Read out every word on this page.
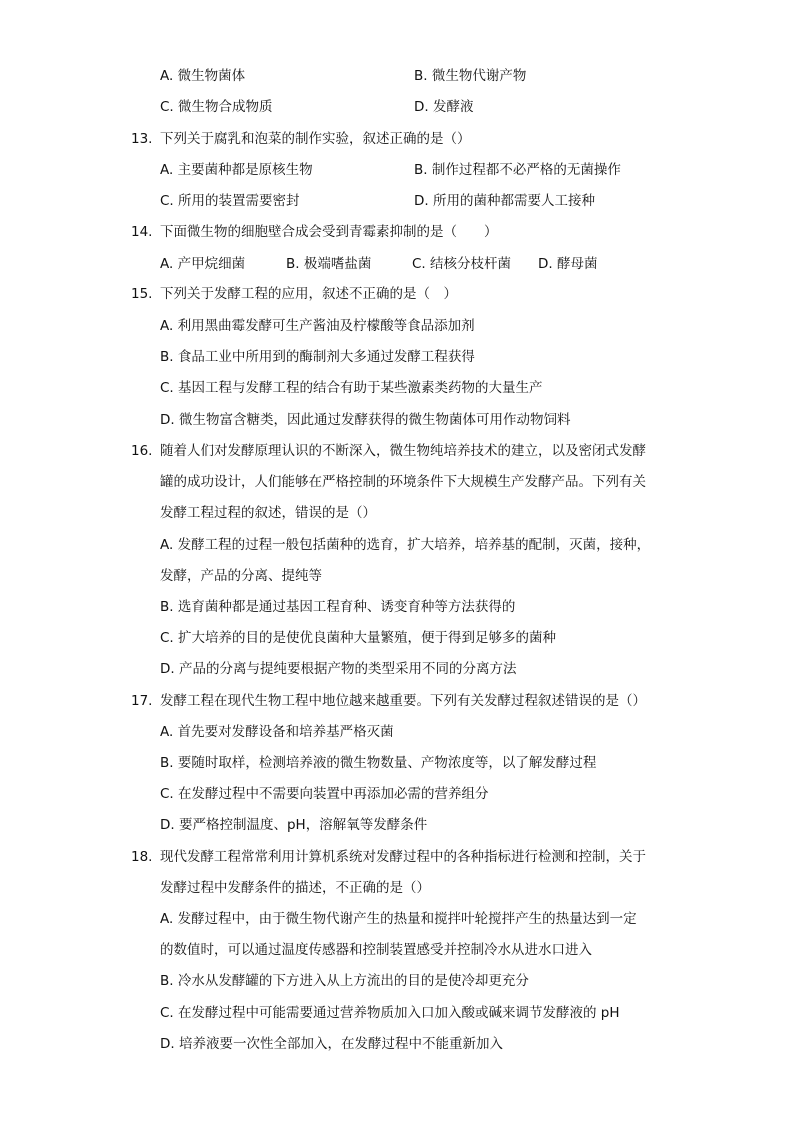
A. 微生物菌体	B. 微生物代谢产物
C. 微生物合成物质	D. 发酵液
13. 下列关于腐乳和泡菜的制作实验，叙述正确的是（）
A. 主要菌种都是原核生物	B. 制作过程都不必严格的无菌操作
C. 所用的装置需要密封	D. 所用的菌种都需要人工接种
14. 下面微生物的细胞壁合成会受到青霉素抑制的是（　　）
A. 产甲烷细菌	B. 极端嗜盐菌	C. 结核分枝杆菌 D. 酵母菌
15. 下列关于发酵工程的应用，叙述不正确的是（　）
A. 利用黑曲霉发酵可生产酱油及柠檬酸等食品添加剂
B. 食品工业中所用到的酶制剂大多通过发酵工程获得
C. 基因工程与发酵工程的结合有助于某些激素类药物的大量生产
D. 微生物富含糖类，因此通过发酵获得的微生物菌体可用作动物饲料
16. 随着人们对发酵原理认识的不断深入，微生物纯培养技术的建立，以及密闭式发酵
罐的成功设计，人们能够在严格控制的环境条件下大规模生产发酵产品。下列有关
发酵工程过程的叙述，错误的是（）
A. 发酵工程的过程一般包括菌种的选育，扩大培养，培养基的配制，灭菌，接种，
发酵，产品的分离、提纯等
B. 选育菌种都是通过基因工程育种、诱变育种等方法获得的
C. 扩大培养的目的是使优良菌种大量繁殖，便于得到足够多的菌种
D. 产品的分离与提纯要根据产物的类型采用不同的分离方法
17. 发酵工程在现代生物工程中地位越来越重要。下列有关发酵过程叙述错误的是（）
A. 首先要对发酵设备和培养基严格灭菌
B. 要随时取样，检测培养液的微生物数量、产物浓度等，以了解发酵过程
C. 在发酵过程中不需要向装置中再添加必需的营养组分
D. 要严格控制温度、pH，溶解氧等发酵条件
18. 现代发酵工程常常利用计算机系统对发酵过程中的各种指标进行检测和控制，关于
发酵过程中发酵条件的描述，不正确的是（）
A. 发酵过程中，由于微生物代谢产生的热量和搅拌叶轮搅拌产生的热量达到一定
的数值时，可以通过温度传感器和控制装置感受并控制冷水从进水口进入
B. 冷水从发酵罐的下方进入从上方流出的目的是使冷却更充分
C. 在发酵过程中可能需要通过营养物质加入口加入酸或碱来调节发酵液的 pH
D. 培养液要一次性全部加入，在发酵过程中不能重新加入
